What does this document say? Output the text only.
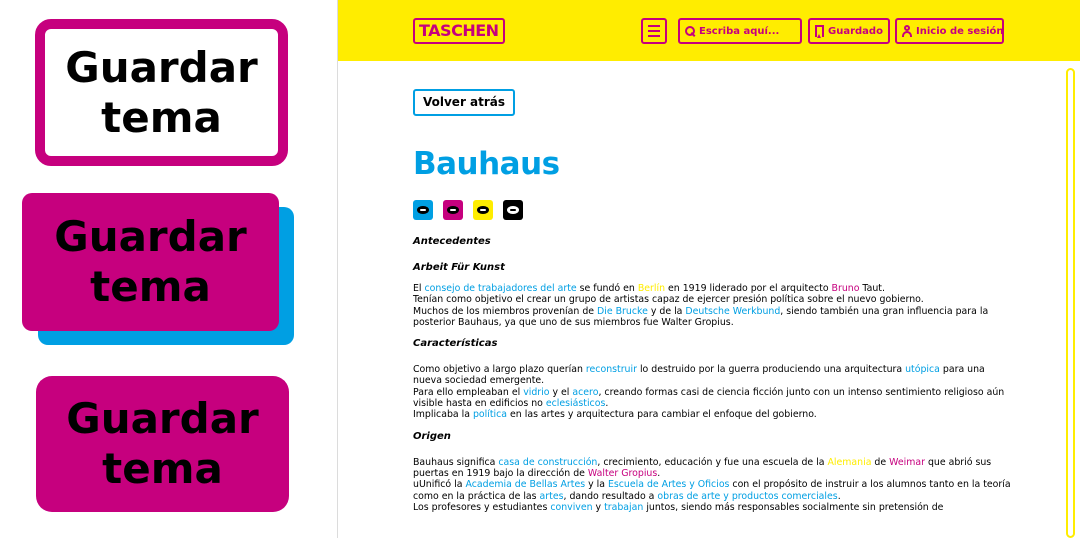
Guardar tema
Guardar tema
Guardar tema
TASCHEN	Escriba aquí...	Guardado	Inicio de sesión
Volver atrás
Bauhaus
Antecedentes
Arbeit Für Kunst

El consejo de trabajadores del arte se fundó en Berlín en 1919 liderado por el arquitecto Bruno Taut.
Tenían como objetivo el crear un grupo de artistas capaz de ejercer presión política sobre el nuevo gobierno.
Muchos de los miembros provenían de Die Brucke y de la Deutsche Werkbund, siendo también una gran influencia para la posterior Bauhaus, ya que uno de sus miembros fue Walter Gropius.

Características

Como objetivo a largo plazo querían reconstruir lo destruido por la guerra produciendo una arquitectura utópica para una nueva sociedad emergente.
Para ello empleaban el vidrio y el acero, creando formas casi de ciencia ficción junto con un intenso sentimiento religioso aún visible hasta en edificios no eclesiásticos.
Implicaba la política en las artes y arquitectura para cambiar el enfoque del gobierno.

Origen

Bauhaus significa casa de construcción, crecimiento, educación y fue una escuela de la Alemania de Weimar que abrió sus puertas en 1919 bajo la dirección de Walter Gropius.
uUnificó la Academia de Bellas Artes y la Escuela de Artes y Oficios con el propósito de instruir a los alumnos tanto en la teoría como en la práctica de las artes, dando resultado a obras de arte y productos comerciales.
Los profesores y estudiantes conviven y trabajan juntos, siendo más responsables socialmente sin pretensión de
